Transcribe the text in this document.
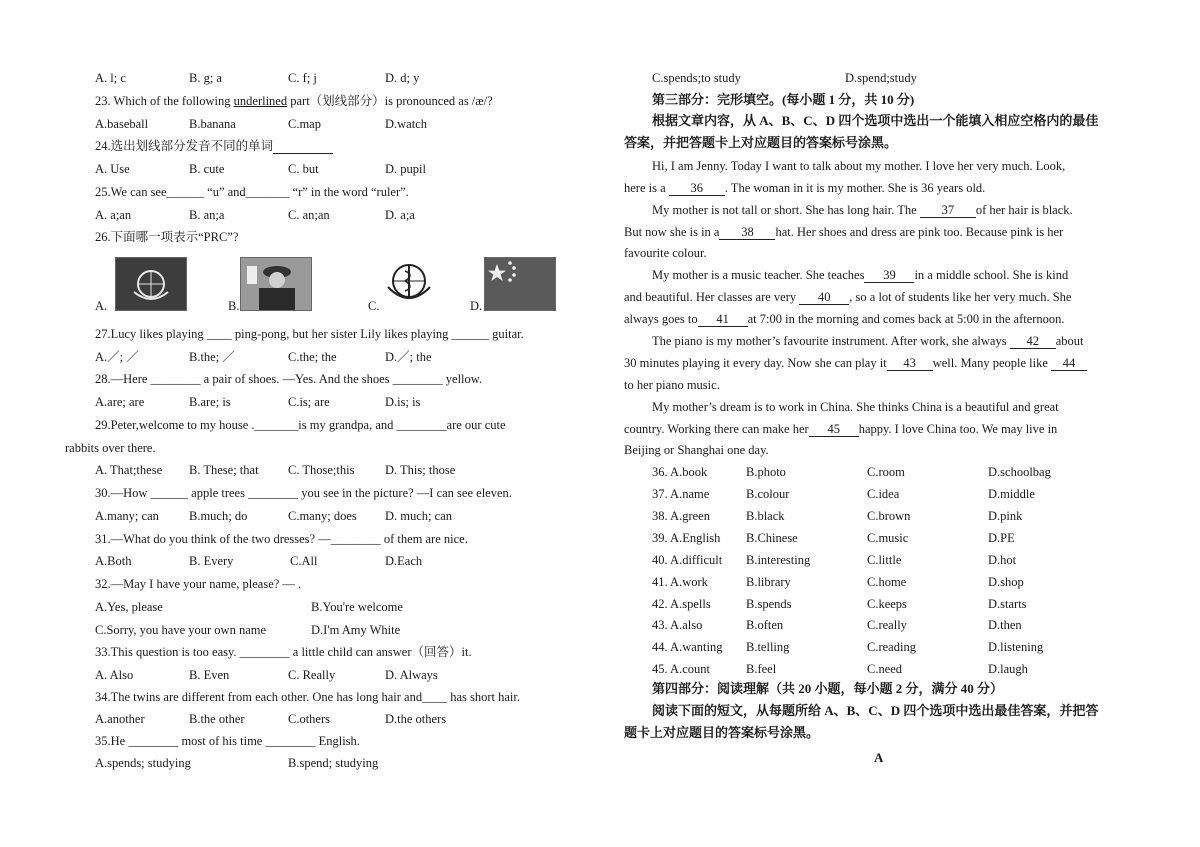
A. l; c	B. g; a	C. f; j	D. d; y
23. Which of the following underlined part（划线部分）is pronounced as /æ/?
A.baseball	B.banana	C.map	D.watch
24.选出划线部分发音不同的单词
A. Use	B. cute	C. but	D. pupil
25.We can see______ “u” and_______ “r” in the word “ruler”.
A. a;an	B. an;a	C. an;an	D. a;a
26.下面哪一项表示“PRC”?
A.	B.	C.	D.
27.Lucy likes playing ____ ping-pong, but her sister Lily likes playing ______ guitar.
A.／; ／	B.the; ／	C.the; the	D.／; the
28.—Here ________ a pair of shoes. —Yes. And the shoes ________ yellow.
A.are; are	B.are; is	C.is; are	D.is; is
29.Peter,welcome to my house ._______is my grandpa, and ________are our cute
rabbits over there.
A. That;these B. These; that C. Those;this D. This; those
30.—How ______ apple trees ________ you see in the picture? —I can see eleven.
A.many; can B.much; do	C.many; does D. much; can
31.—What do you think of the two dresses? —________ of them are nice.
A.Both	B. Every	C.All	D.Each
32.—May I have your name, please? — .
A.Yes, please	B.You're welcome
C.Sorry, you have your own name	D.I'm Amy White
33.This question is too easy. ________ a little child can answer（回答）it.
A. Also	B. Even	C. Really	D. Always
34.The twins are different from each other. One has long hair and____ has short hair.
A.another	B.the other	C.others	D.the others
35.He ________ most of his time ________ English.
A.spends; studying	B.spend; studying
C.spends;to study	D.spend;study
第三部分：完形填空。(每小题 1 分，共 10 分)
根据文章内容，从 A、B、C、D 四个选项中选出一个能填入相应空格内的最佳
答案，并把答题卡上对应题目的答案标号涂黑。
Hi, I am Jenny. Today I want to talk about my mother. I love her very much. Look,
here is a 36 . The woman in it is my mother. She is 36 years old.
My mother is not tall or short. She has long hair. The 37 of her hair is black.
But now she is in a 38 hat. Her shoes and dress are pink too. Because pink is her
favourite colour.
My mother is a music teacher. She teaches 39 in a middle school. She is kind
and beautiful. Her classes are very 40 , so a lot of students like her very much. She
always goes to 41 at 7:00 in the morning and comes back at 5:00 in the afternoon.
The piano is my mother’s favourite instrument. After work, she always 42 about
30 minutes playing it every day. Now she can play it 43 well. Many people like 44
to her piano music.
My mother’s dream is to work in China. She thinks China is a beautiful and great
country. Working there can make her 45 happy. I love China too. We may live in
Beijing or Shanghai one day.
36. A.book	B.photo	C.room	D.schoolbag
37. A.name	B.colour	C.idea	D.middle
38. A.green	B.black	C.brown	D.pink
39. A.English B.Chinese	C.music	D.PE
40. A.difficult B.interesting	C.little	D.hot
41. A.work	B.library	C.home	D.shop
42. A.spells	B.spends	C.keeps	D.starts
43. A.also	B.often	C.really	D.then
44. A.wanting B.telling	C.reading	D.listening
45. A.count	B.feel	C.need	D.laugh
第四部分：阅读理解（共 20 小题，每小题 2 分，满分 40 分）
阅读下面的短文，从每题所给 A、B、C、D 四个选项中选出最佳答案，并把答
题卡上对应题目的答案标号涂黑。
A
